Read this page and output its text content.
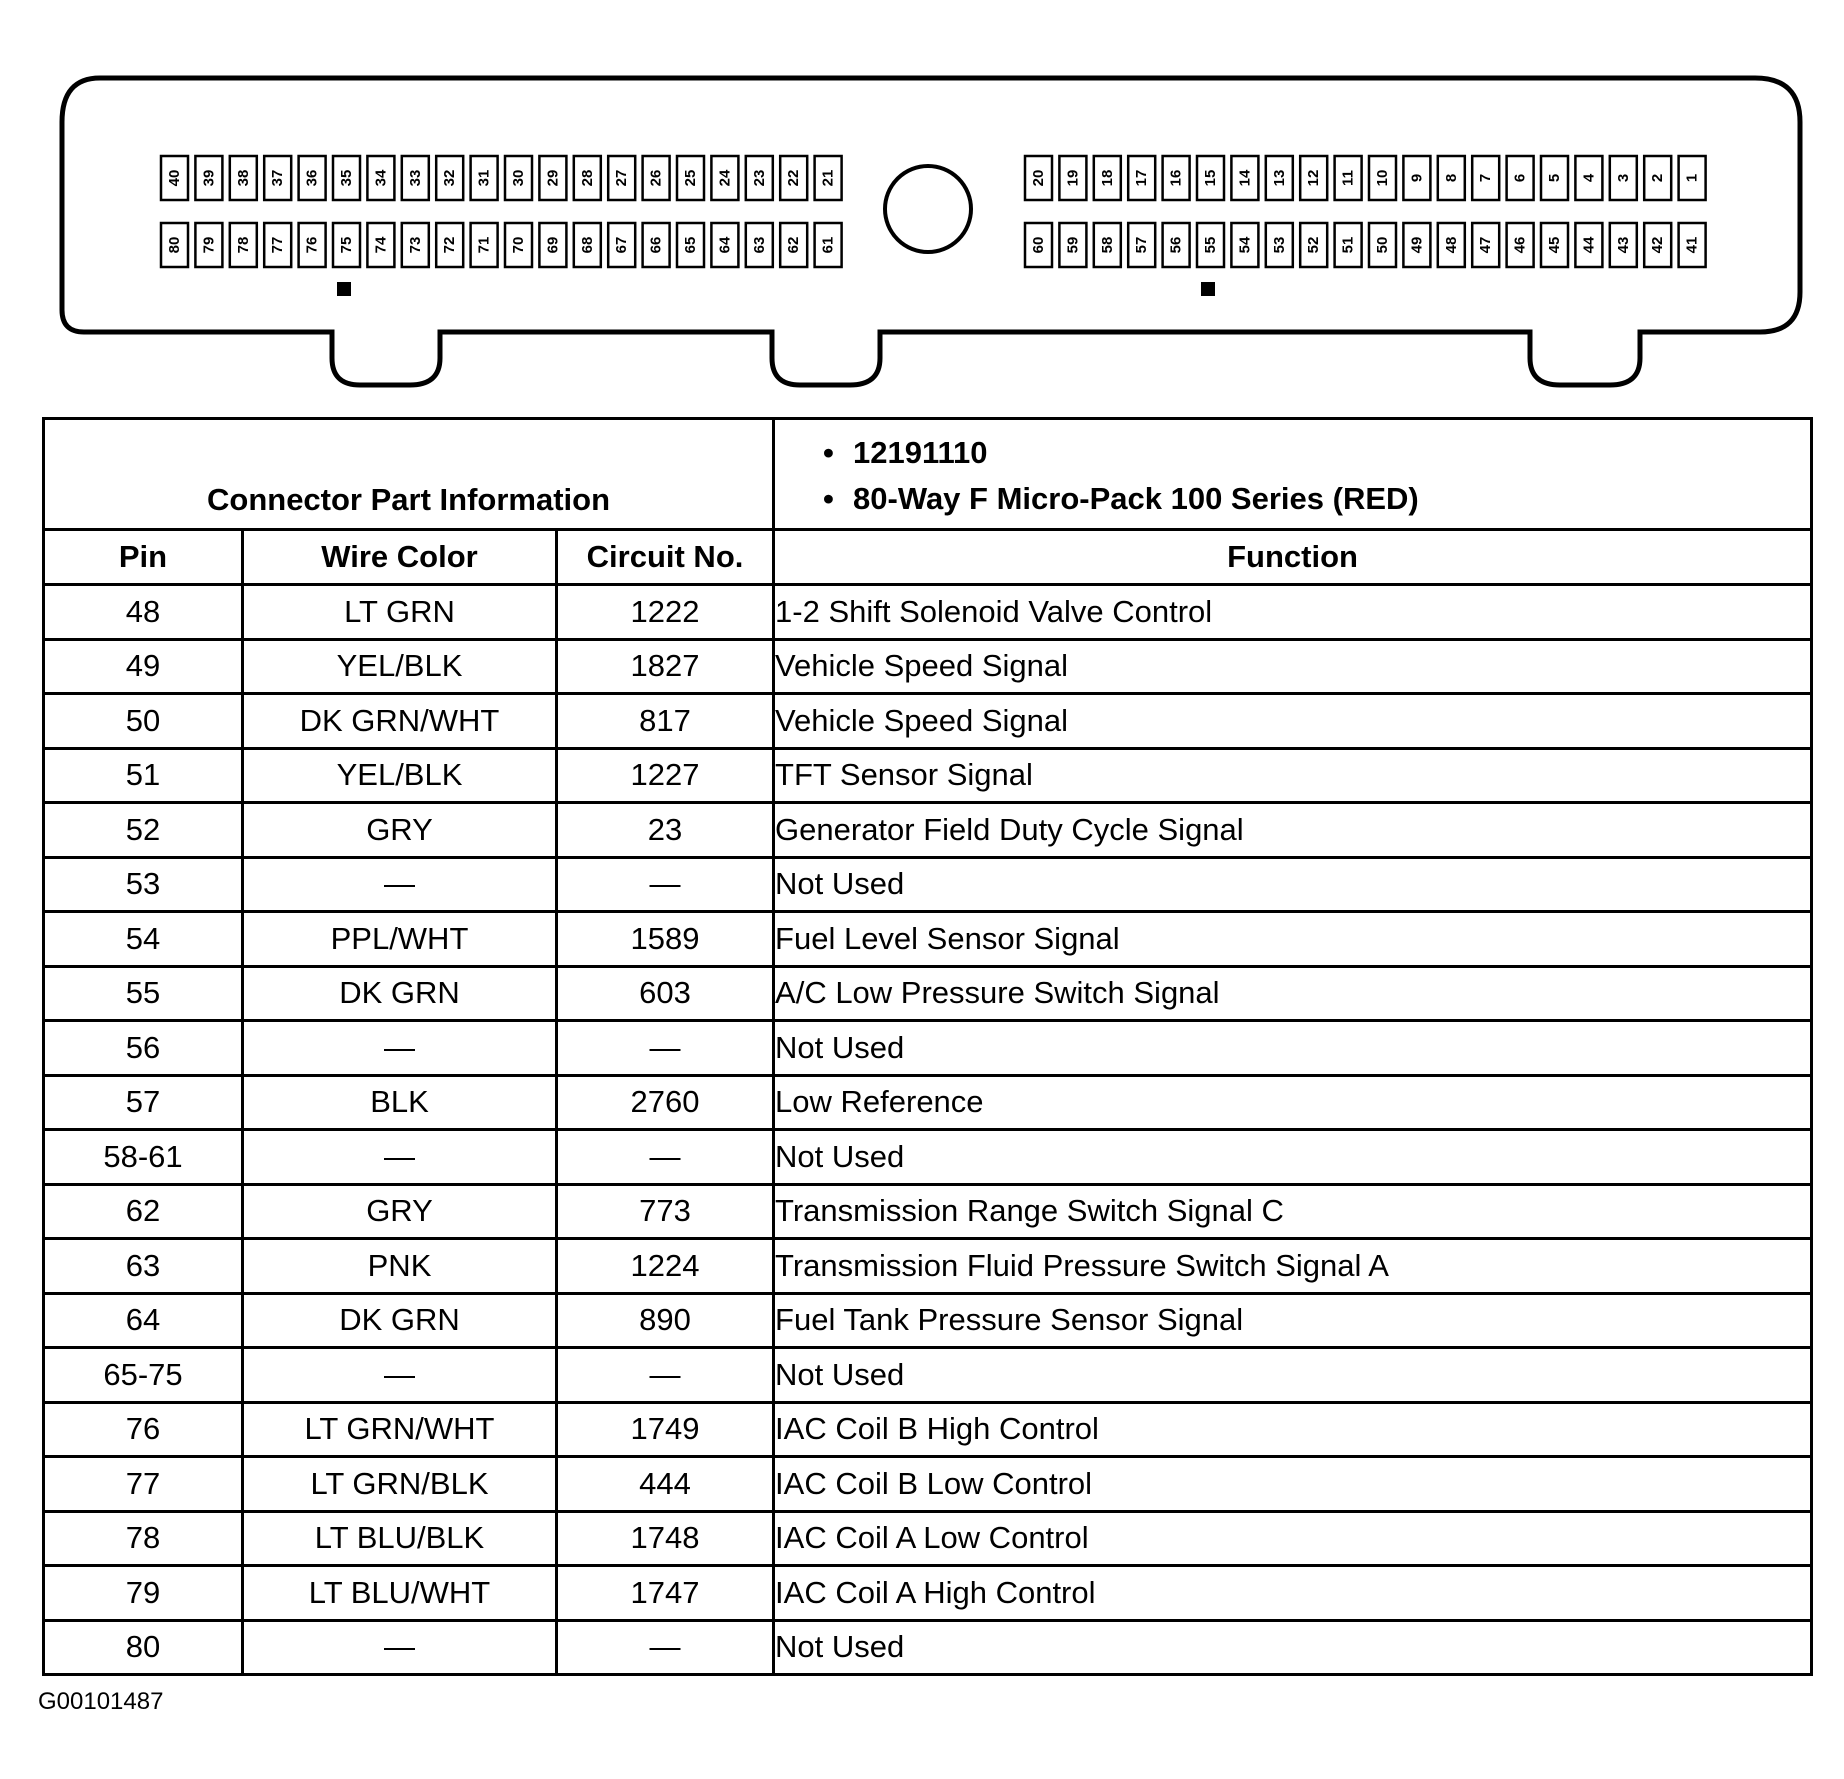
40 39 38 37 36 35 34 33 32 31 30 29 28 27 26 25 24 23 22 21
80 79 78 77 76 75 74 73 72 71 70 69 68 67 66 65 64 63 62 61
20 19 18 17 16 15 14 13 12 11 10 9 8 7 6 5 4 3 2 1
60 59 58 57 56 55 54 53 52 51 50 49 48 47 46 45 44 43 42 41
Connector Part Information			• 12191110
• 80-Way F Micro-Pack 100 Series (RED)

Pin	Wire Color	Circuit No.	Function
48	LT GRN	1222	1-2 Shift Solenoid Valve Control
49	YEL/BLK	1827	Vehicle Speed Signal
50	DK GRN/WHT	817	Vehicle Speed Signal
51	YEL/BLK	1227	TFT Sensor Signal
52	GRY	23	Generator Field Duty Cycle Signal
53	—	—	Not Used
54	PPL/WHT	1589	Fuel Level Sensor Signal
55	DK GRN	603	A/C Low Pressure Switch Signal
56	—	—	Not Used
57	BLK	2760	Low Reference
58-61	—	—	Not Used
62	GRY	773	Transmission Range Switch Signal C
63	PNK	1224	Transmission Fluid Pressure Switch Signal A
64	DK GRN	890	Fuel Tank Pressure Sensor Signal
65-75	—	—	Not Used
76	LT GRN/WHT	1749	IAC Coil B High Control
77	LT GRN/BLK	444	IAC Coil B Low Control
78	LT BLU/BLK	1748	IAC Coil A Low Control
79	LT BLU/WHT	1747	IAC Coil A High Control
80	—	—	Not Used
G00101487
